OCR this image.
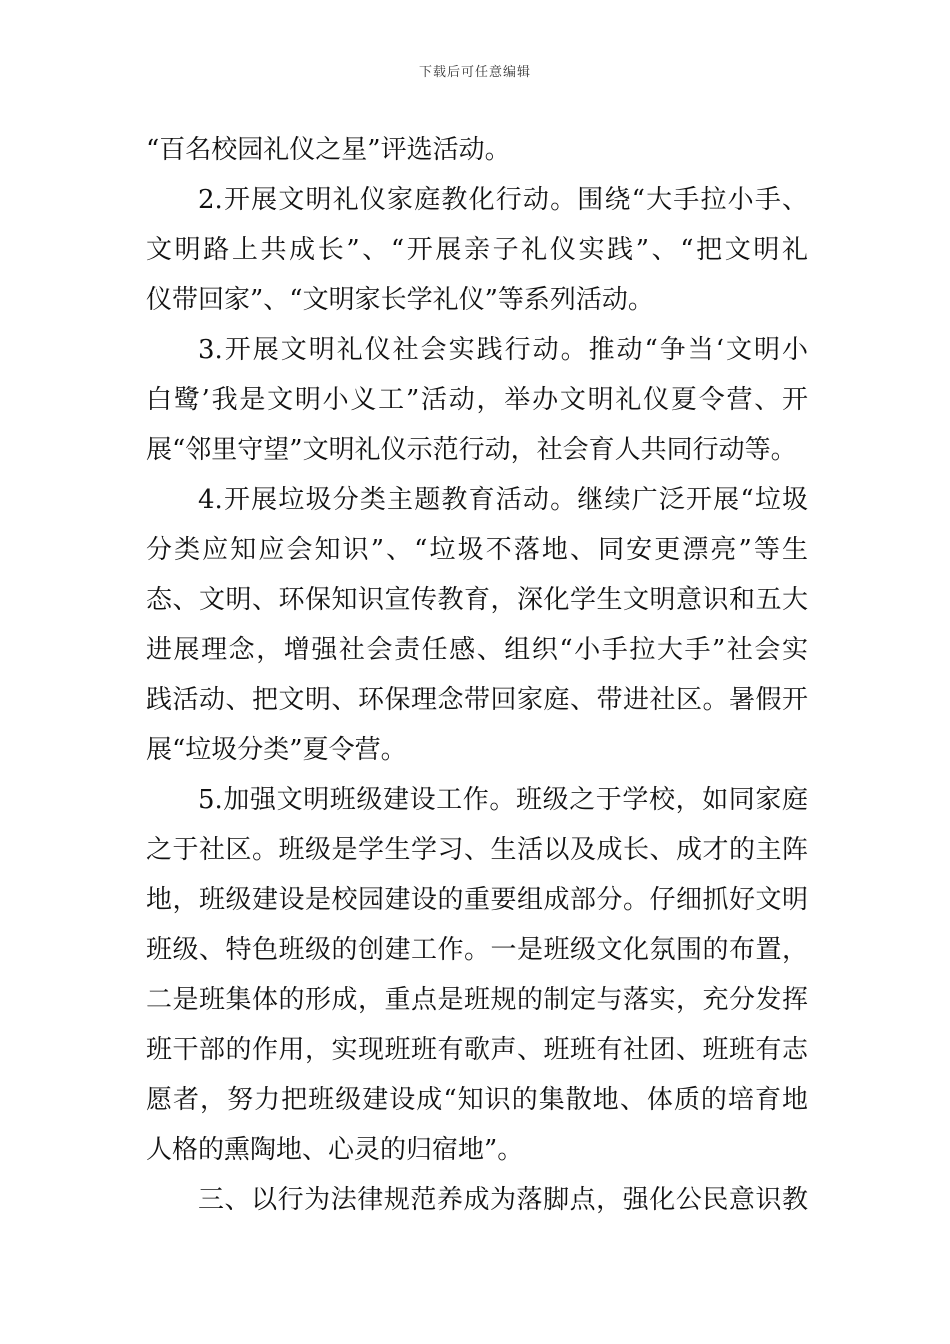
下载后可任意编辑
“百名校园礼仪之星”评选活动。
2.开展文明礼仪家庭教化行动。围绕“大手拉小手、
文明路上共成长”、“开展亲子礼仪实践”、“把文明礼
仪带回家”、“文明家长学礼仪”等系列活动。
3.开展文明礼仪社会实践行动。推动“争当‘文明小
白鹭’我是文明小义工”活动，举办文明礼仪夏令营、开
展“邻里守望”文明礼仪示范行动，社会育人共同行动等。
4.开展垃圾分类主题教育活动。继续广泛开展“垃圾
分类应知应会知识”、“垃圾不落地、同安更漂亮”等生
态、文明、环保知识宣传教育，深化学生文明意识和五大
进展理念，增强社会责任感、组织“小手拉大手”社会实
践活动、把文明、环保理念带回家庭、带进社区。暑假开
展“垃圾分类”夏令营。
5.加强文明班级建设工作。班级之于学校，如同家庭
之于社区。班级是学生学习、生活以及成长、成才的主阵
地，班级建设是校园建设的重要组成部分。仔细抓好文明
班级、特色班级的创建工作。一是班级文化氛围的布置，
二是班集体的形成，重点是班规的制定与落实，充分发挥
班干部的作用，实现班班有歌声、班班有社团、班班有志
愿者，努力把班级建设成“知识的集散地、体质的培育地
人格的熏陶地、心灵的归宿地”。
三、以行为法律规范养成为落脚点，强化公民意识教
